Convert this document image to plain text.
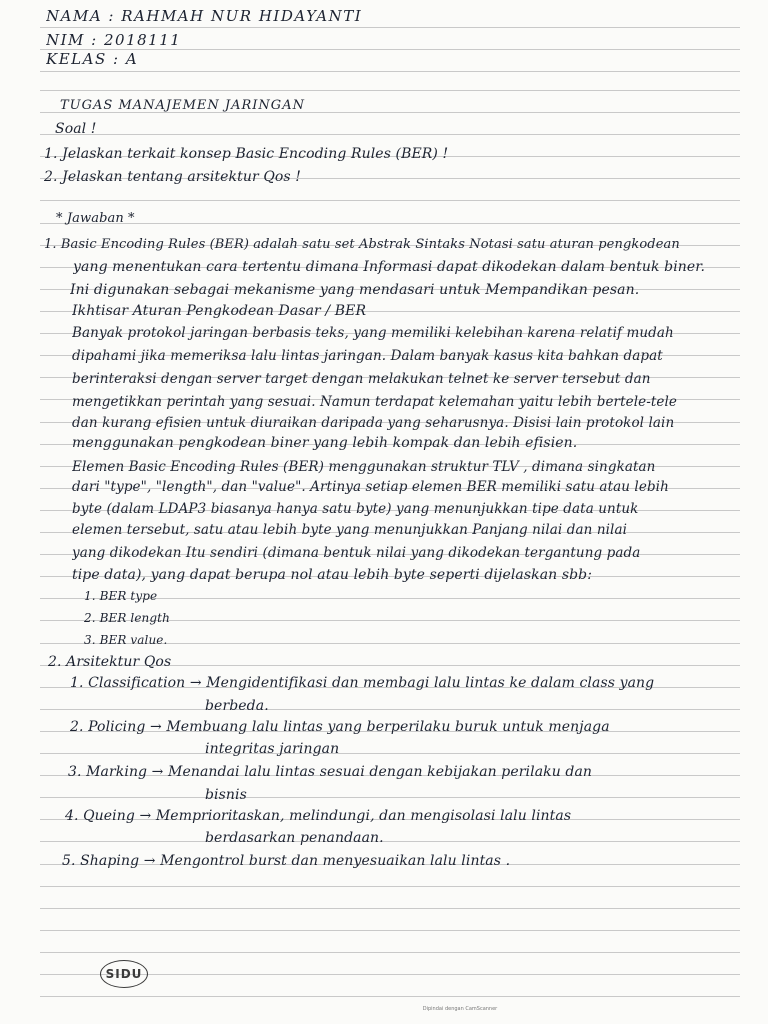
NAMA : RAHMAH NUR HIDAYANTI
NIM : 2018111
KELAS : A
TUGAS MANAJEMEN JARINGAN
Soal !
1. Jelaskan terkait konsep Basic Encoding Rules (BER) !
2. Jelaskan tentang arsitektur Qos !
* Jawaban *
1. Basic Encoding Rules (BER) adalah satu set Abstrak Sintaks Notasi satu aturan pengkodean
yang menentukan cara tertentu dimana Informasi dapat dikodekan dalam bentuk biner.
Ini digunakan sebagai mekanisme yang mendasari untuk Mempandikan pesan.
Ikhtisar Aturan Pengkodean Dasar / BER
Banyak protokol jaringan berbasis teks, yang memiliki kelebihan karena relatif mudah
dipahami jika memeriksa lalu lintas jaringan. Dalam banyak kasus kita bahkan dapat
berinteraksi dengan server target dengan melakukan telnet ke server tersebut dan
mengetikkan perintah yang sesuai. Namun terdapat kelemahan yaitu lebih bertele-tele
dan kurang efisien untuk diuraikan daripada yang seharusnya. Disisi lain protokol lain
menggunakan pengkodean biner yang lebih kompak dan lebih efisien.
Elemen Basic Encoding Rules (BER) menggunakan struktur TLV , dimana singkatan
dari "type", "length", dan "value". Artinya setiap elemen BER memiliki satu atau lebih
byte (dalam LDAP3 biasanya hanya satu byte) yang menunjukkan tipe data untuk
elemen tersebut, satu atau lebih byte yang menunjukkan Panjang nilai dan nilai
yang dikodekan Itu sendiri (dimana bentuk nilai yang dikodekan tergantung pada
tipe data), yang dapat berupa nol atau lebih byte seperti dijelaskan sbb:
1. BER type
2. BER length
3. BER value.
2. Arsitektur Qos
1. Classification → Mengidentifikasi dan membagi lalu lintas ke dalam class yang
berbeda.
2. Policing → Membuang lalu lintas yang berperilaku buruk untuk menjaga
integritas jaringan
3. Marking → Menandai lalu lintas sesuai dengan kebijakan perilaku dan
bisnis
4. Queing → Memprioritaskan, melindungi, dan mengisolasi lalu lintas
berdasarkan penandaan.
5. Shaping → Mengontrol burst dan menyesuaikan lalu lintas .
SIDU
Dipindai dengan CamScanner
